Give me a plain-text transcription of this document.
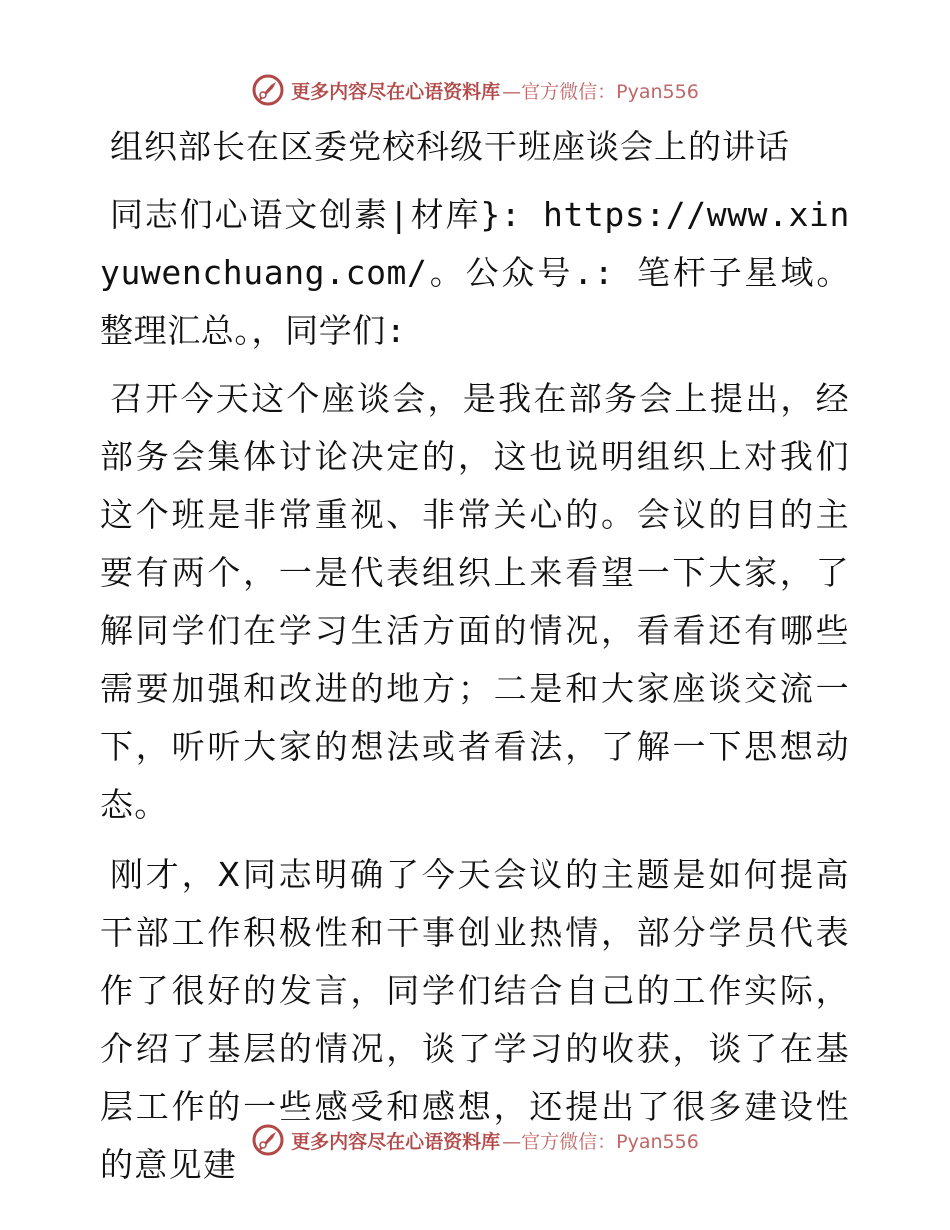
更多内容尽在心语资料库 —官方微信：Pyan556
组织部长在区委党校科级干班座谈会上的讲话

同志们心语文创素|材库}: https://www.xinyuwenchuang.com/。公众号.: 笔杆子星域。整理汇总。，同学们:

召开今天这个座谈会，是我在部务会上提出，经部务会集体讨论决定的，这也说明组织上对我们这个班是非常重视、非常关心的。会议的目的主要有两个，一是代表组织上来看望一下大家，了解同学们在学习生活方面的情况，看看还有哪些需要加强和改进的地方；二是和大家座谈交流一下，听听大家的想法或者看法，了解一下思想动态。

刚才，X同志明确了今天会议的主题是如何提高干部工作积极性和干事创业热情，部分学员代表作了很好的发言，同学们结合自己的工作实际，介绍了基层的情况，谈了学习的收获，谈了在基层工作的一些感受和感想，还提出了很多建设性的意见建

更多内容尽在心语资料库 —官方微信：Pyan556
